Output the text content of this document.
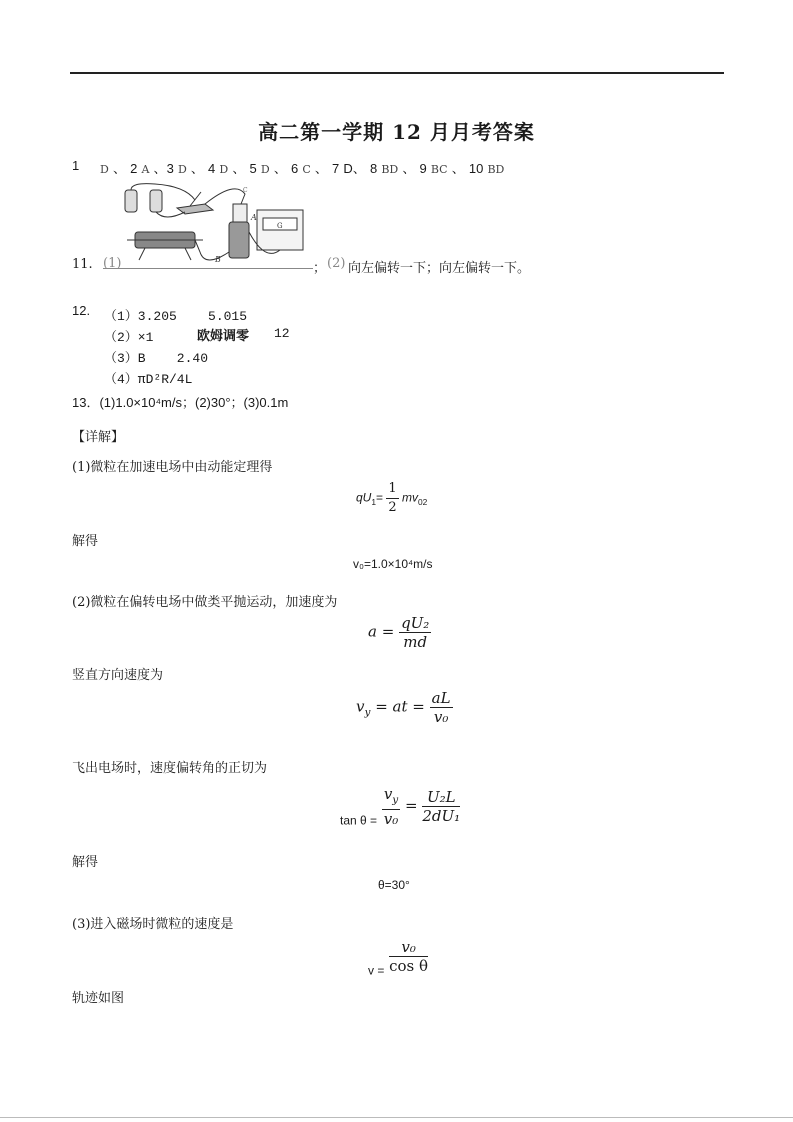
高二第一学期 12 月月考答案
1 D 、 2 A 、3 D 、 4 D 、 5 D 、 6 C 、 7 D、 8 BD 、 9 BC 、 10 BD
A
B
G
C
11. (1)	； (2) 向左偏转一下；向左偏转一下。
12. （1）3.205    5.015
（2）×1	欧姆调零 12
（3）B    2.40
（4）πD²R/4L
13．(1)1.0×10⁴m/s；(2)30°；(3)0.1m
【详解】
(1)微粒在加速电场中由动能定理得
$qU_1= \frac{1}{2} mv_{02}$
解得
v₀=1.0×10⁴m/s
(2)微粒在偏转电场中做类平抛运动，加速度为
$a = \frac{\text{qU₂}}{md}$
竖直方向速度为
$v_y$ = at = $\frac{aL}{\text{v₀}}$
飞出电场时，速度偏转角的正切为
$_{tan \theta =} \frac{v_y}{\text{v₀}} = \frac{\text{U₂L}}{\text{2dU₁}}$
解得
θ=30°
(3)进入磁场时微粒的速度是
$_{v =} \frac{\text{v₀}}{\text{cos θ}}$
轨迹如图
